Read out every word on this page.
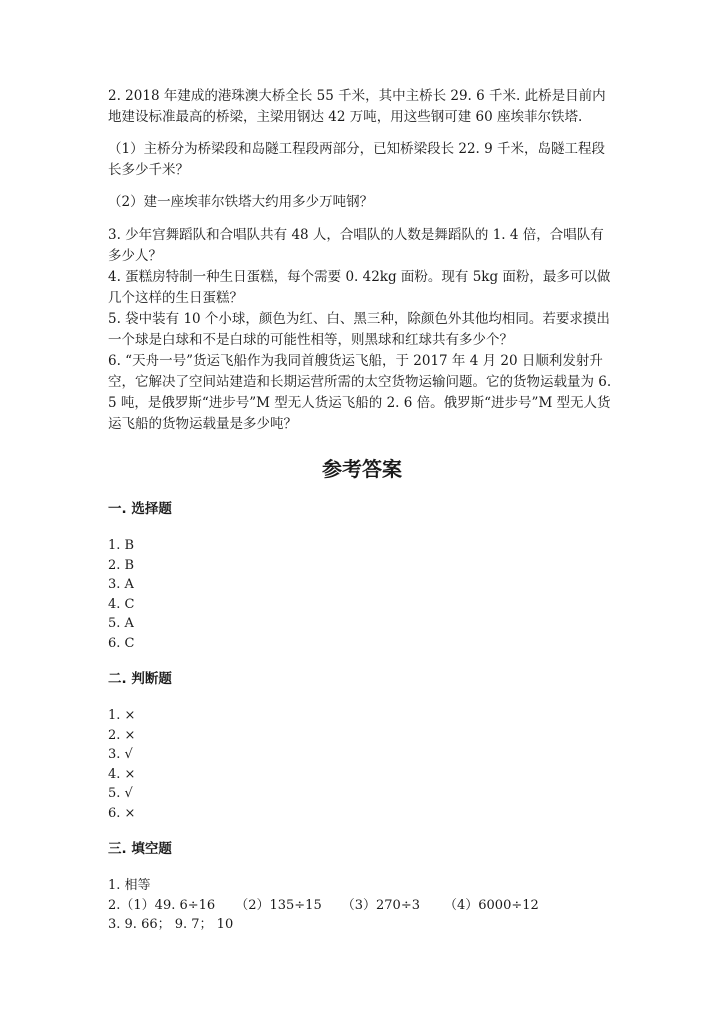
2. 2018 年建成的港珠澳大桥全长 55 千米，其中主桥长 29. 6 千米. 此桥是目前内地建设标准最高的桥梁，主梁用钢达 42 万吨，用这些钢可建 60 座埃菲尔铁塔.

（1）主桥分为桥梁段和岛隧工程段两部分，已知桥梁段长 22. 9 千米，岛隧工程段长多少千米？

（2）建一座埃菲尔铁塔大约用多少万吨钢？

3. 少年宫舞蹈队和合唱队共有 48 人，合唱队的人数是舞蹈队的 1. 4 倍，合唱队有多少人？

4. 蛋糕房特制一种生日蛋糕，每个需要 0. 42kg 面粉。现有 5kg 面粉，最多可以做几个这样的生日蛋糕？

5. 袋中装有 10 个小球，颜色为红、白、黑三种，除颜色外其他均相同。若要求摸出一个球是白球和不是白球的可能性相等，则黑球和红球共有多少个？

6. “天舟一号”货运飞船作为我同首艘货运飞船，于 2017 年 4 月 20 日顺利发射升空，它解决了空间站建造和长期运营所需的太空货物运输问题。它的货物运载量为 6. 5 吨，是俄罗斯“进步号”M 型无人货运飞船的 2. 6 倍。俄罗斯“进步号”M 型无人货运飞船的货物运载量是多少吨？

参考答案

一. 选择题

1. B

2. B

3. A

4. C

5. A

6. C

二. 判断题

1. ×

2. ×

3. √

4. ×

5. √

6. ×

三. 填空题

1. 相等

2.（1）49. 6÷16 （2）135÷15 （3）270÷3 （4）6000÷12

3. 9. 66； 9. 7； 10
